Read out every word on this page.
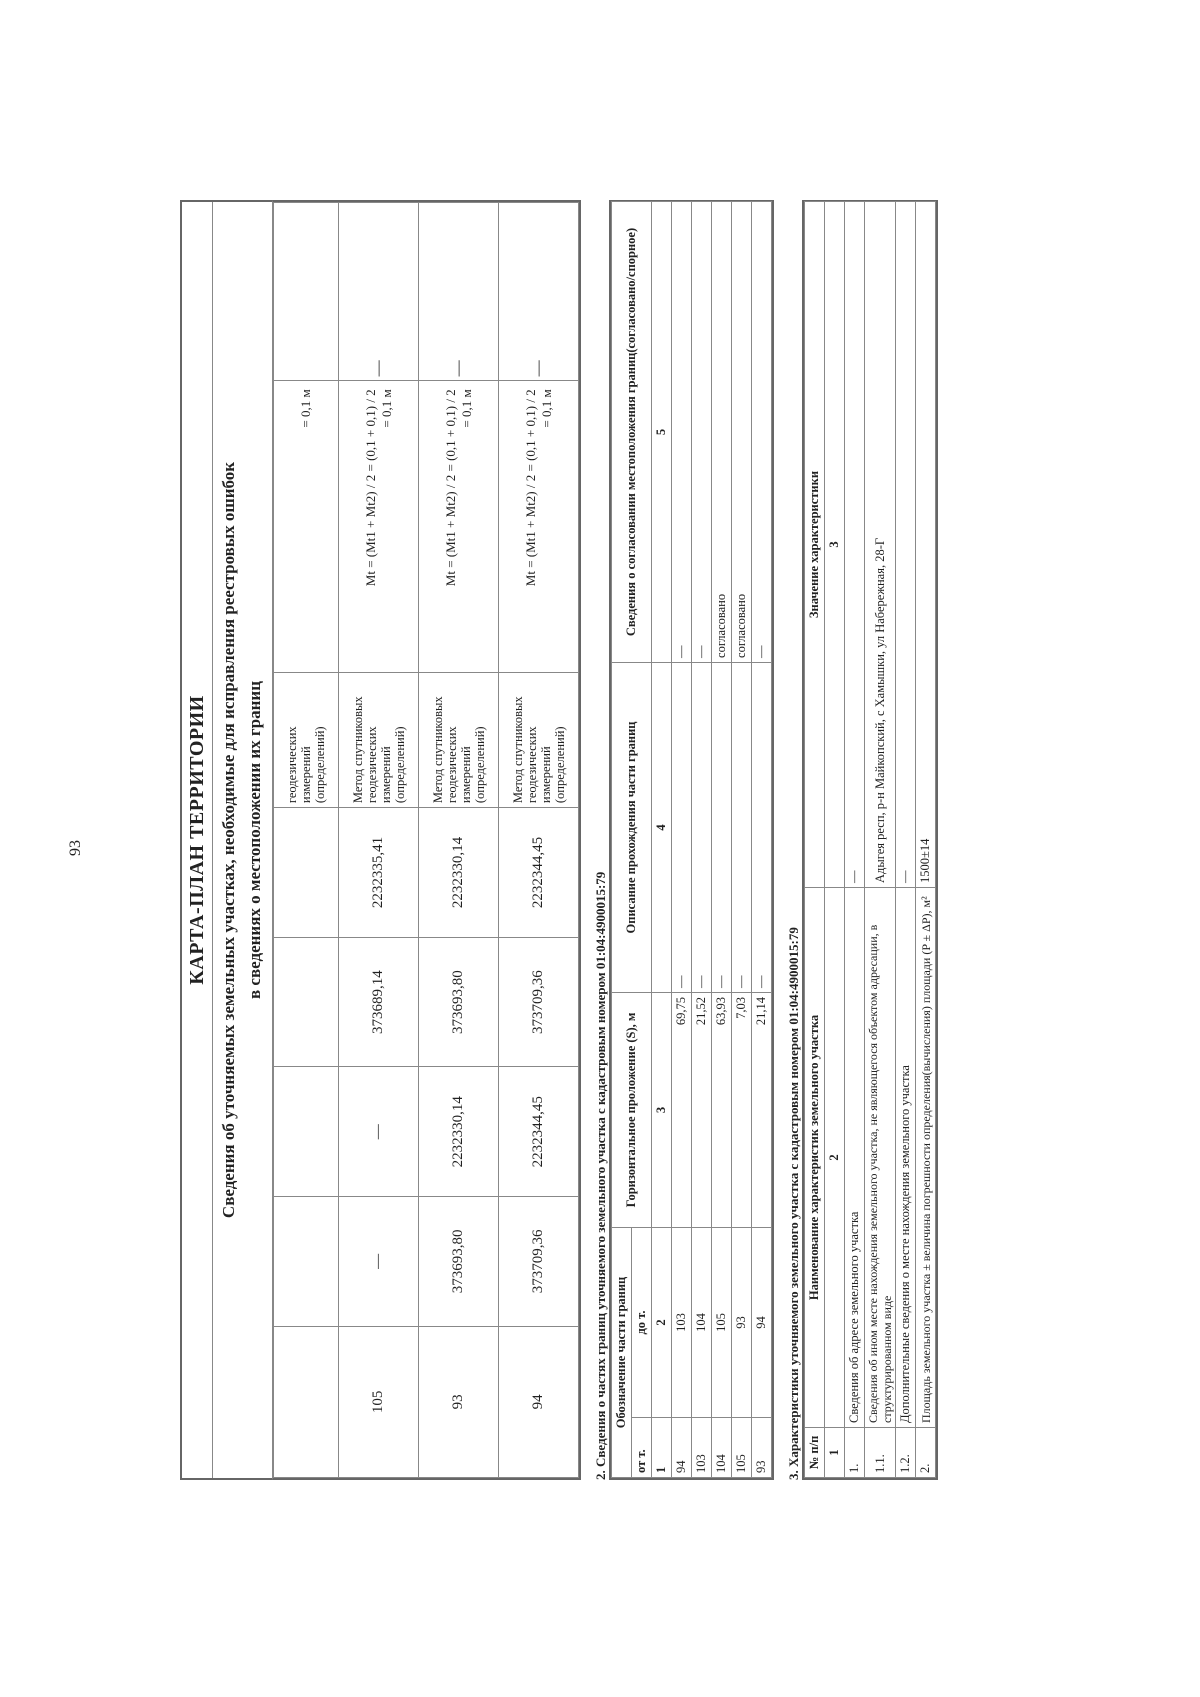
93	КАРТА-ПЛАН ТЕРРИТОРИИ Сведения об уточняемых земельных участках, необходимые для исправления реестровых ошибок в сведениях о местоположении их границ
						геодезических измерений (определений)	= 0,1 м	
105	—	—	373689,14	2232335,41	Метод спутниковых геодезических измерений (определений)	Mt = (Mt1 + Mt2) / 2 = (0,1 + 0,1) / 2 = 0,1 м	—
93	373693,80	2232330,14	373693,80	2232330,14	Метод спутниковых геодезических измерений (определений)	Mt = (Mt1 + Mt2) / 2 = (0,1 + 0,1) / 2 = 0,1 м	—
94	373709,36	2232344,45	373709,36	2232344,45	Метод спутниковых геодезических измерений (определений)	Mt = (Mt1 + Mt2) / 2 = (0,1 + 0,1) / 2 = 0,1 м	—
2. Сведения о частях границ уточняемого земельного участка с кадастровым номером 01:04:4900015:79 Обозначение части границ		Горизонтальное проложение (S), м	Описание прохождения части границ	Сведения о согласовании местоположения границ(согласовано/спорное)
от т.	до т.			
1	2	3	4	5
94	103	69,75	—	—
103	104	21,52	—	—
104	105	63,93	—	согласовано
105	93	7,03	—	согласовано
93	94	21,14	—	—
3. Характеристики уточняемого земельного участка с кадастровым номером 01:04:4900015:79 № п/п	Наименование характеристик земельного участка	Значение характеристики
1	2	3
1.	Сведения об адресе земельного участка	—
1.1.	Сведения об ином месте нахождения земельного участка, не являющегося объектом адресации, в структурированном виде	Адыгея респ, р-н Майкопский, с Хамышки, ул Набережная, 28-Г
1.2.	Дополнительные сведения о месте нахождения земельного участка	—
2.	Площадь земельного участка ± величина погрешности определения(вычисления) площади (P ± ΔP), м²	1500±14
